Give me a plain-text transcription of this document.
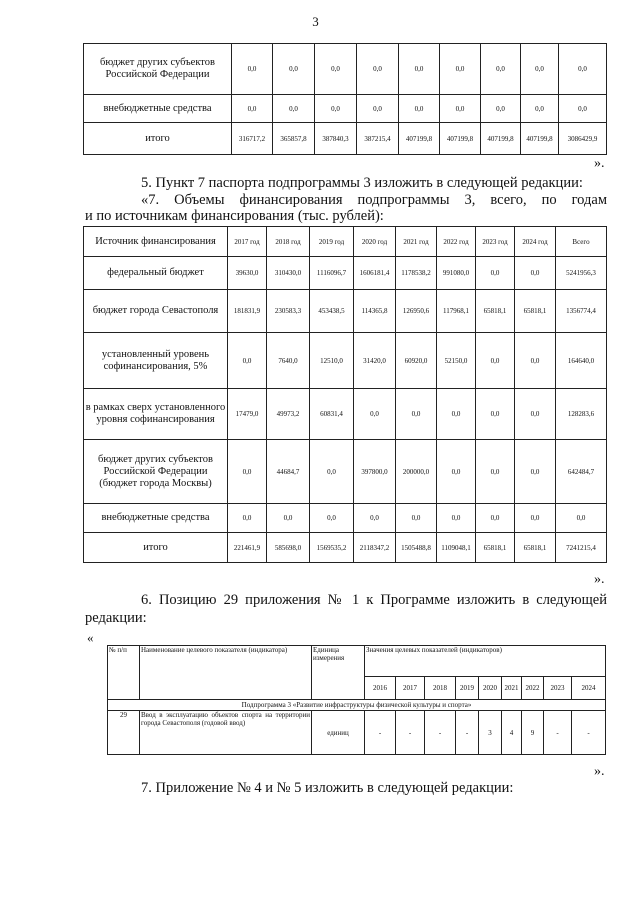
3
бюджет других субъектов Российской Федерации	0,0	0,0	0,0	0,0	0,0	0,0	0,0	0,0	0,0
внебюджетные средства	0,0	0,0	0,0	0,0	0,0	0,0	0,0	0,0	0,0
итого	316717,2	365857,8	387840,3	387215,4	407199,8	407199,8	407199,8	407199,8	3086429,9
».
5. Пункт 7 паспорта подпрограммы 3 изложить в следующей редакции:
«7. Объемы финансирования подпрограммы 3, всего, по годам
и по источникам финансирования (тыс. рублей):
Источник финансирования	2017 год	2018 год	2019 год	2020 год	2021 год	2022 год	2023 год	2024 год	Всего
федеральный бюджет	39630,0	310430,0	1116096,7	1606181,4	1178538,2	991080,0	0,0	0,0	5241956,3
бюджет города Севастополя	181831,9	230583,3	453438,5	114365,8	126950,6	117968,1	65818,1	65818,1	1356774,4
установленный уровень софинансирования, 5%	0,0	7640,0	12510,0	31420,0	60920,0	52150,0	0,0	0,0	164640,0
в рамках сверх установленного уровня софинансирования	17479,0	49973,2	60831,4	0,0	0,0	0,0	0,0	0,0	128283,6
бюджет других субъектов Российской Федерации (бюджет города Москвы)	0,0	44684,7	0,0	397800,0	200000,0	0,0	0,0	0,0	642484,7
внебюджетные средства	0,0	0,0	0,0	0,0	0,0	0,0	0,0	0,0	0,0
итого	221461,9	585698,0	1569535,2	2118347,2	1505488,8	1109048,1	65818,1	65818,1	7241215,4
».
6. Позицию 29 приложения № 1 к Программе изложить в следующей
редакции:
«
№ п/п	Наименование целевого показателя (индикатора)	Единица измерения	Значения целевых показателей (индикаторов)								
			2016	2017	2018	2019	2020	2021	2022	2023	2024
Подпрограмма 3 «Развитие инфраструктуры физической культуры и спорта»											
29	Ввод в эксплуатацию объектов спорта на территории города Севастополя (годовой ввод)	единиц	-	-	-	-	3	4	9	-	-
».
7. Приложение № 4 и № 5 изложить в следующей редакции:
